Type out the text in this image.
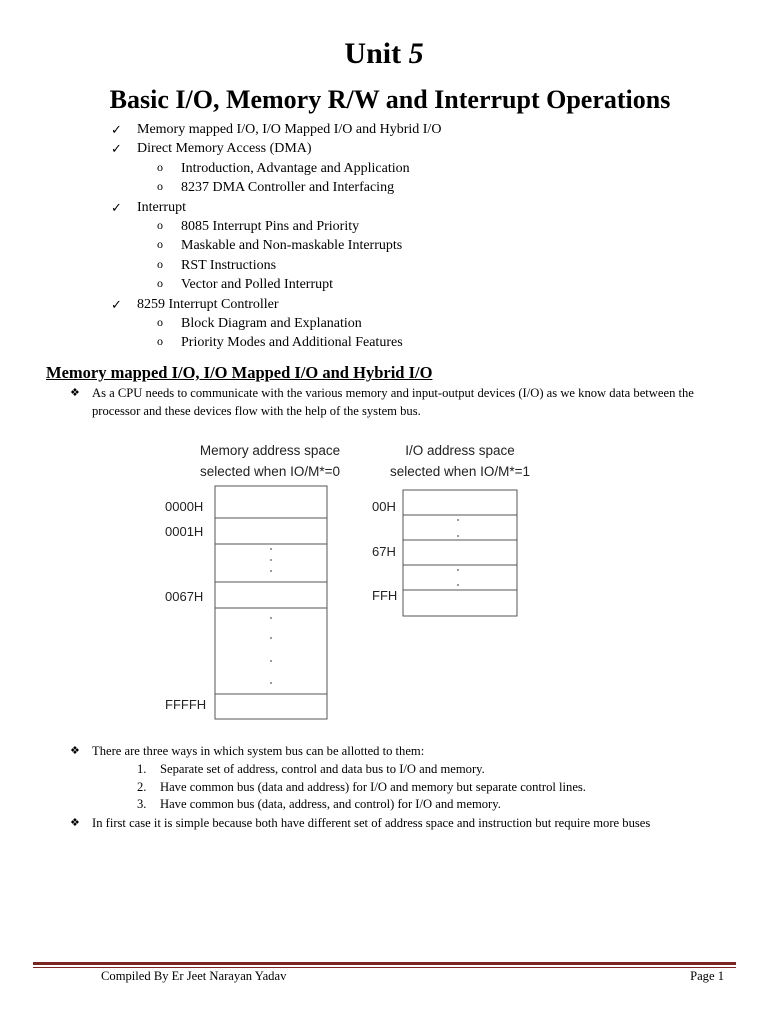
Unit 5
Basic I/O, Memory R/W and Interrupt Operations
✓ Memory mapped I/O, I/O Mapped I/O and Hybrid I/O
✓ Direct Memory Access (DMA)
o Introduction, Advantage and Application
o 8237 DMA Controller and Interfacing
✓ Interrupt
o 8085 Interrupt Pins and Priority
o Maskable and Non-maskable Interrupts
o RST Instructions
o Vector and Polled Interrupt
✓ 8259 Interrupt Controller
o Block Diagram and Explanation
o Priority Modes and Additional Features
Memory mapped I/O, I/O Mapped I/O and Hybrid I/O
❖ As a CPU needs to communicate with the various memory and input-output devices (I/O) as we know data between the processor and these devices flow with the help of the system bus.
Memory address space
selected when IO/M*=0
I/O address space
selected when IO/M*=1
0000H
0001H
0067H
FFFFH
00H
67H
FFH
❖ There are three ways in which system bus can be allotted to them:
1. Separate set of address, control and data bus to I/O and memory.
2. Have common bus (data and address) for I/O and memory but separate control lines.
3. Have common bus (data, address, and control) for I/O and memory.
❖ In first case it is simple because both have different set of address space and instruction but require more buses
Compiled By Er Jeet Narayan Yadav	Page 1
